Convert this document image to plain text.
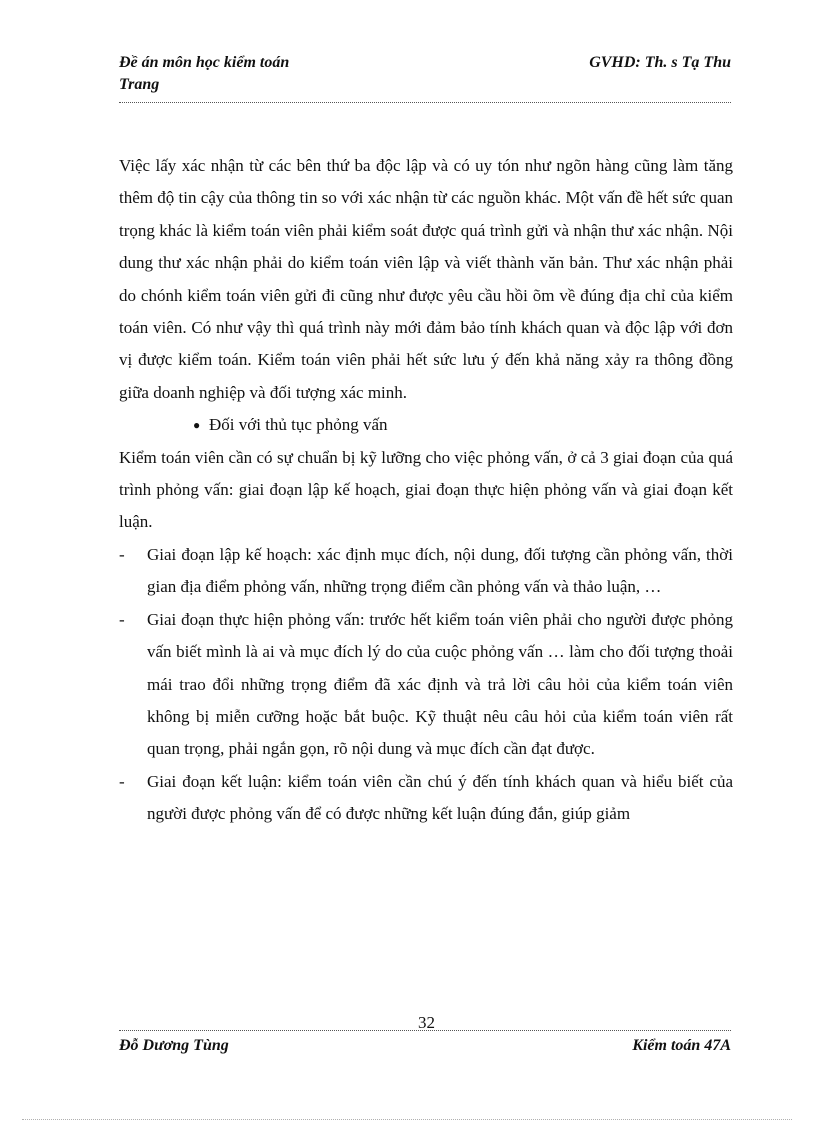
Đề án môn học kiểm toán	GVHD: Th. s Tạ Thu
Trang

Việc lấy xác nhận từ các bên thứ ba độc lập và có uy tón như ngõn hàng cũng làm tăng thêm độ tin cậy của thông tin so với xác nhận từ các nguồn khác. Một vấn đề hết sức quan trọng khác là kiểm toán viên phải kiểm soát được quá trình gửi và nhận thư xác nhận. Nội dung thư xác nhận phải do kiểm toán viên lập và viết thành văn bản. Thư xác nhận phải do chónh kiểm toán viên gửi đi cũng như được yêu cầu hồi õm về đúng địa chỉ của kiểm toán viên. Có như vậy thì quá trình này mới đảm bảo tính khách quan và độc lập với đơn vị được kiểm toán. Kiểm toán viên phải hết sức lưu ý đến khả năng xảy ra thông đồng giữa doanh nghiệp và đối tượng xác minh.

● Đối với thủ tục phỏng vấn

Kiểm toán viên cần có sự chuẩn bị kỹ lưỡng cho việc phỏng vấn, ở cả 3 giai đoạn của quá trình phỏng vấn: giai đoạn lập kế hoạch, giai đoạn thực hiện phỏng vấn và giai đoạn kết luận.

- Giai đoạn lập kế hoạch: xác định mục đích, nội dung, đối tượng cần phỏng vấn, thời gian địa điểm phỏng vấn, những trọng điểm cần phỏng vấn và thảo luận, …

- Giai đoạn thực hiện phỏng vấn: trước hết kiểm toán viên phải cho người được phỏng vấn biết mình là ai và mục đích lý do của cuộc phỏng vấn … làm cho đối tượng thoải mái trao đổi những trọng điểm đã xác định và trả lời câu hỏi của kiểm toán viên không bị miễn cưỡng hoặc bắt buộc. Kỹ thuật nêu câu hỏi của kiểm toán viên rất quan trọng, phải ngắn gọn, rõ nội dung và mục đích cần đạt được.

- Giai đoạn kết luận: kiểm toán viên cần chú ý đến tính khách quan và hiểu biết của người được phỏng vấn để có được những kết luận đúng đắn, giúp giảm

32
Đỗ Dương Tùng	Kiểm toán 47A
